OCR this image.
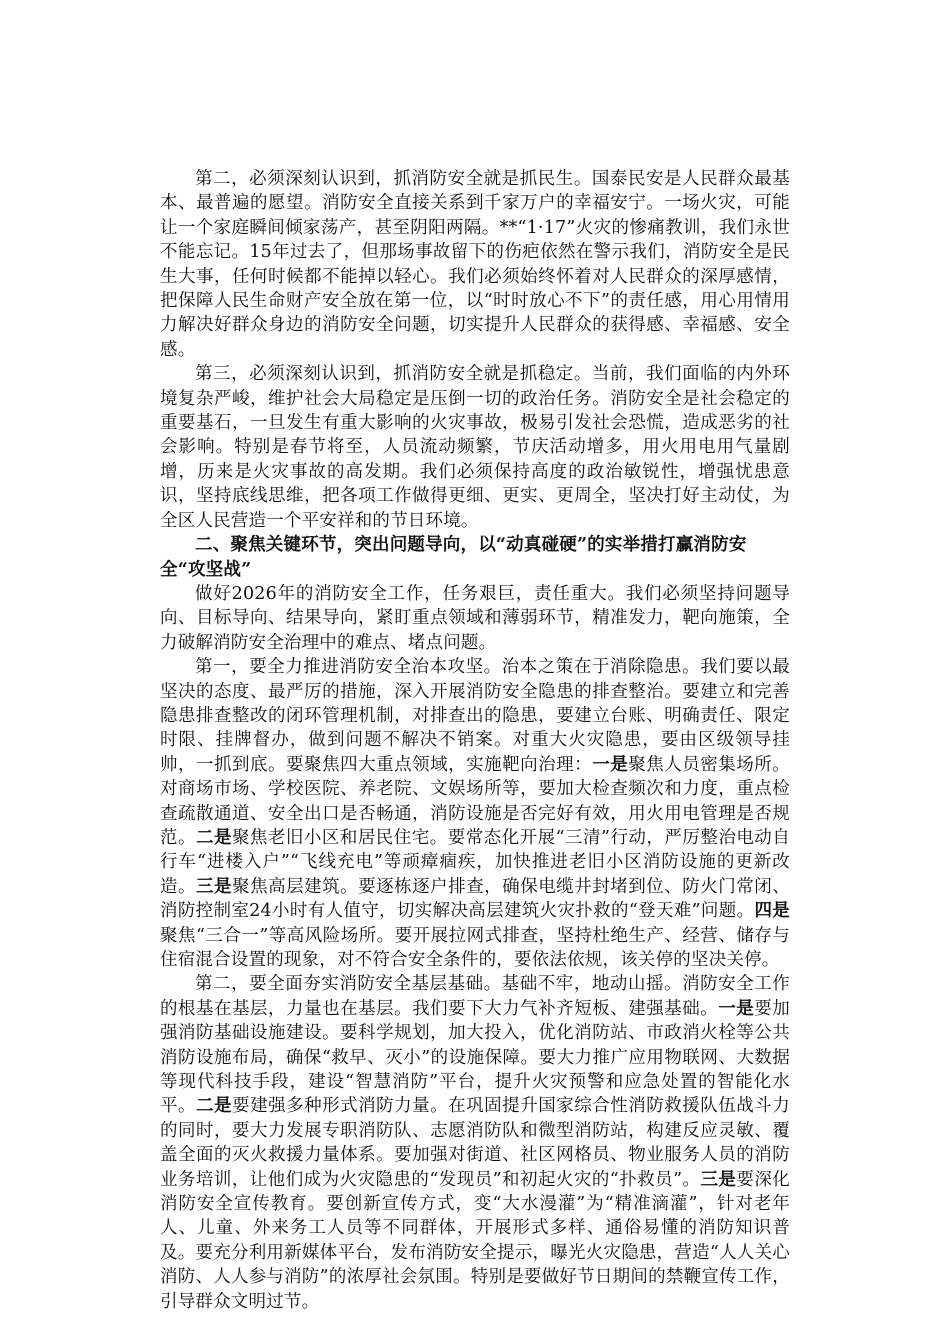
第二，必须深刻认识到，抓消防安全就是抓民生。国泰民安是人民群众最基本、最普遍的愿望。消防安全直接关系到千家万户的幸福安宁。一场火灾，可能让一个家庭瞬间倾家荡产，甚至阴阳两隔。**“1·17”火灾的惨痛教训，我们永世不能忘记。15年过去了，但那场事故留下的伤疤依然在警示我们，消防安全是民生大事，任何时候都不能掉以轻心。我们必须始终怀着对人民群众的深厚感情，把保障人民生命财产安全放在第一位，以“时时放心不下”的责任感，用心用情用力解决好群众身边的消防安全问题，切实提升人民群众的获得感、幸福感、安全感。

第三，必须深刻认识到，抓消防安全就是抓稳定。当前，我们面临的内外环境复杂严峻，维护社会大局稳定是压倒一切的政治任务。消防安全是社会稳定的重要基石，一旦发生有重大影响的火灾事故，极易引发社会恐慌，造成恶劣的社会影响。特别是春节将至，人员流动频繁，节庆活动增多，用火用电用气量剧增，历来是火灾事故的高发期。我们必须保持高度的政治敏锐性，增强忧患意识，坚持底线思维，把各项工作做得更细、更实、更周全，坚决打好主动仗，为全区人民营造一个平安祥和的节日环境。

二、聚焦关键环节，突出问题导向，以“动真碰硬”的实举措打赢消防安全“攻坚战”

做好2026年的消防安全工作，任务艰巨，责任重大。我们必须坚持问题导向、目标导向、结果导向，紧盯重点领域和薄弱环节，精准发力，靶向施策，全力破解消防安全治理中的难点、堵点问题。

第一，要全力推进消防安全治本攻坚。治本之策在于消除隐患。我们要以最坚决的态度、最严厉的措施，深入开展消防安全隐患的排查整治。要建立和完善隐患排查整改的闭环管理机制，对排查出的隐患，要建立台账、明确责任、限定时限、挂牌督办，做到问题不解决不销案。对重大火灾隐患，要由区级领导挂帅，一抓到底。要聚焦四大重点领域，实施靶向治理：一是聚焦人员密集场所。对商场市场、学校医院、养老院、文娱场所等，要加大检查频次和力度，重点检查疏散通道、安全出口是否畅通，消防设施是否完好有效，用火用电管理是否规范。二是聚焦老旧小区和居民住宅。要常态化开展“三清”行动，严厉整治电动自行车“进楼入户”“飞线充电”等顽瘴痼疾，加快推进老旧小区消防设施的更新改造。三是聚焦高层建筑。要逐栋逐户排查，确保电缆井封堵到位、防火门常闭、消防控制室24小时有人值守，切实解决高层建筑火灾扑救的“登天难”问题。四是聚焦“三合一”等高风险场所。要开展拉网式排查，坚持杜绝生产、经营、储存与住宿混合设置的现象，对不符合安全条件的，要依法依规，该关停的坚决关停。

第二，要全面夯实消防安全基层基础。基础不牢，地动山摇。消防安全工作的根基在基层，力量也在基层。我们要下大力气补齐短板、建强基础。一是要加强消防基础设施建设。要科学规划，加大投入，优化消防站、市政消火栓等公共消防设施布局，确保“救早、灭小”的设施保障。要大力推广应用物联网、大数据等现代科技手段，建设“智慧消防”平台，提升火灾预警和应急处置的智能化水平。二是要建强多种形式消防力量。在巩固提升国家综合性消防救援队伍战斗力的同时，要大力发展专职消防队、志愿消防队和微型消防站，构建反应灵敏、覆盖全面的灭火救援力量体系。要加强对街道、社区网格员、物业服务人员的消防业务培训，让他们成为火灾隐患的“发现员”和初起火灾的“扑救员”。三是要深化消防安全宣传教育。要创新宣传方式，变“大水漫灌”为“精准滴灌”，针对老年人、儿童、外来务工人员等不同群体，开展形式多样、通俗易懂的消防知识普及。要充分利用新媒体平台，发布消防安全提示，曝光火灾隐患，营造“人人关心消防、人人参与消防”的浓厚社会氛围。特别是要做好节日期间的禁鞭宣传工作，引导群众文明过节。
